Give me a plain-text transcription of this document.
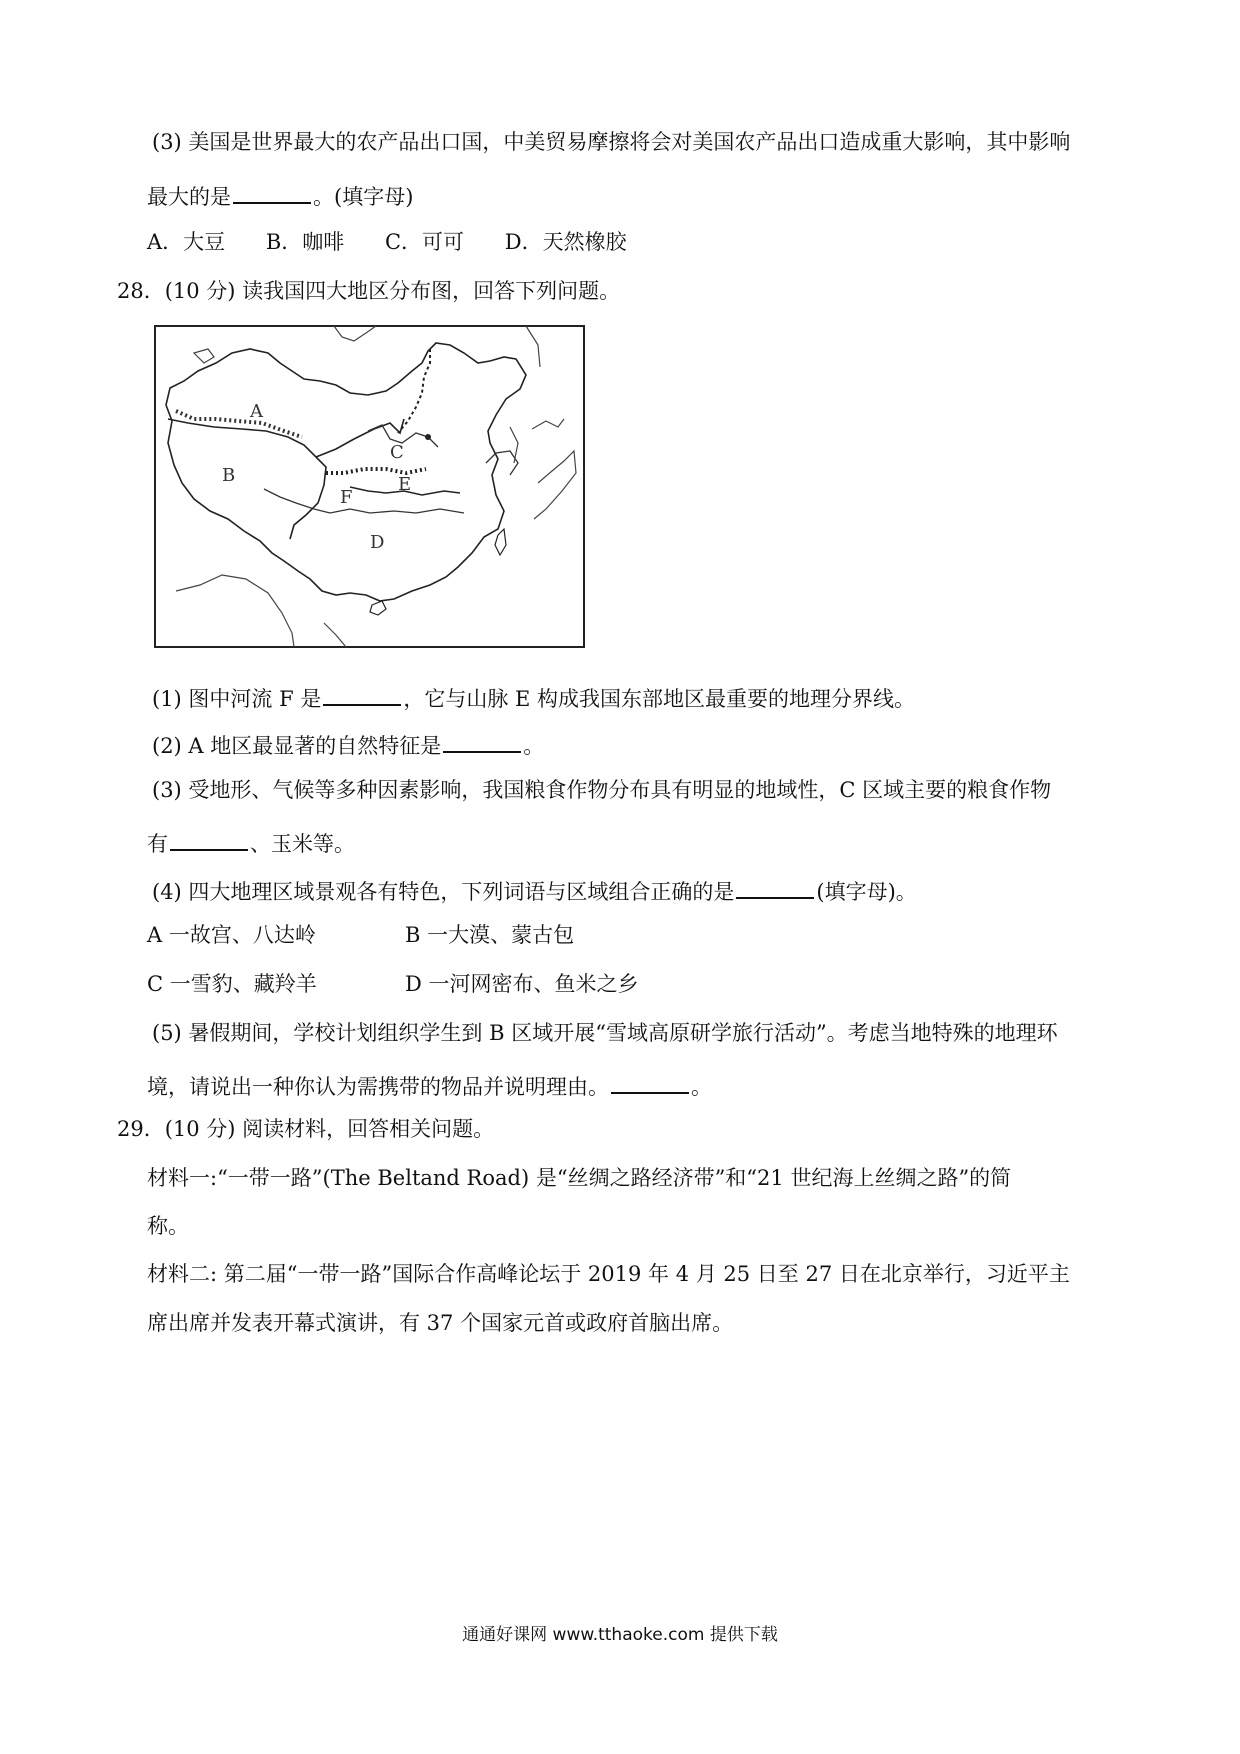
(3) 美国是世界最大的农产品出口国，中美贸易摩擦将会对美国农产品出口造成重大影响，其中影响
最大的是	。(填字母)
A．大豆 B．咖啡 C．可可 D．天然橡胶
28．(10 分) 读我国四大地区分布图，回答下列问题。
A
B
C
D
E
F
(1) 图中河流 F 是	，它与山脉 E 构成我国东部地区最重要的地理分界线。
(2) A 地区最显著的自然特征是	。
(3) 受地形、气候等多种因素影响，我国粮食作物分布具有明显的地域性，C 区域主要的粮食作物
有	、玉米等。
(4) 四大地理区域景观各有特色，下列词语与区域组合正确的是	(填字母)。
A 一故宫、八达岭	B 一大漠、蒙古包
C 一雪豹、藏羚羊	D 一河网密布、鱼米之乡
(5) 暑假期间，学校计划组织学生到 B 区域开展“雪域高原研学旅行活动”。考虑当地特殊的地理环
境，请说出一种你认为需携带的物品并说明理由。	。
29．(10 分) 阅读材料，回答相关问题。
材料一:“一带一路”(The Beltand Road) 是“丝绸之路经济带”和“21 世纪海上丝绸之路”的简
称。
材料二: 第二届“一带一路”国际合作高峰论坛于 2019 年 4 月 25 日至 27 日在北京举行，习近平主
席出席并发表开幕式演讲，有 37 个国家元首或政府首脑出席。
通通好课网 www.tthaoke.com 提供下载
